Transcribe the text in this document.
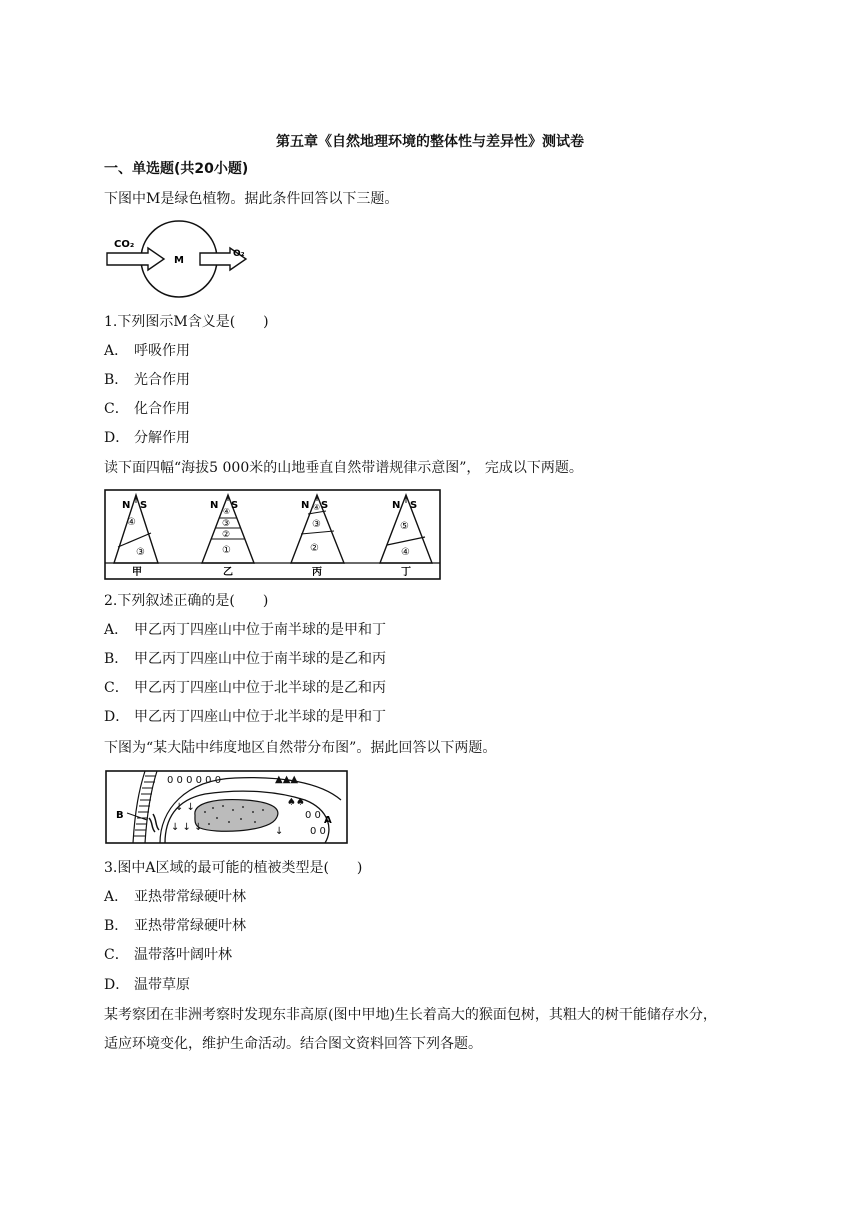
第五章《自然地理环境的整体性与差异性》测试卷
一、单选题(共20小题)
下图中M是绿色植物。据此条件回答以下三题。
CO₂
M
O₂
1.下列图示M含义是(　　)
A． 呼吸作用
B． 光合作用
C． 化合作用
D． 分解作用
读下面四幅“海拔5 000米的山地垂直自然带谱规律示意图”， 完成以下两题。
N S
④
③
甲
N S
④
③
②
①
乙
N S
④
③
②
丙
N S
⑤
④
丁
2.下列叙述正确的是(　　)
A． 甲乙丙丁四座山中位于南半球的是甲和丁
B． 甲乙丙丁四座山中位于南半球的是乙和丙
C． 甲乙丙丁四座山中位于北半球的是乙和丙
D． 甲乙丙丁四座山中位于北半球的是甲和丁
下图为“某大陆中纬度地区自然带分布图”。据此回答以下两题。
0 0 0 0 0 0	▲▲▲
♠♠
0 0
0 0
↓ ↓
↓ ↓ ↓	↓
B	A
3.图中A区域的最可能的植被类型是(　　)
A． 亚热带常绿硬叶林
B． 亚热带常绿硬叶林
C． 温带落叶阔叶林
D． 温带草原
某考察团在非洲考察时发现东非高原(图中甲地)生长着高大的猴面包树，其粗大的树干能储存水分，
适应环境变化，维护生命活动。结合图文资料回答下列各题。
